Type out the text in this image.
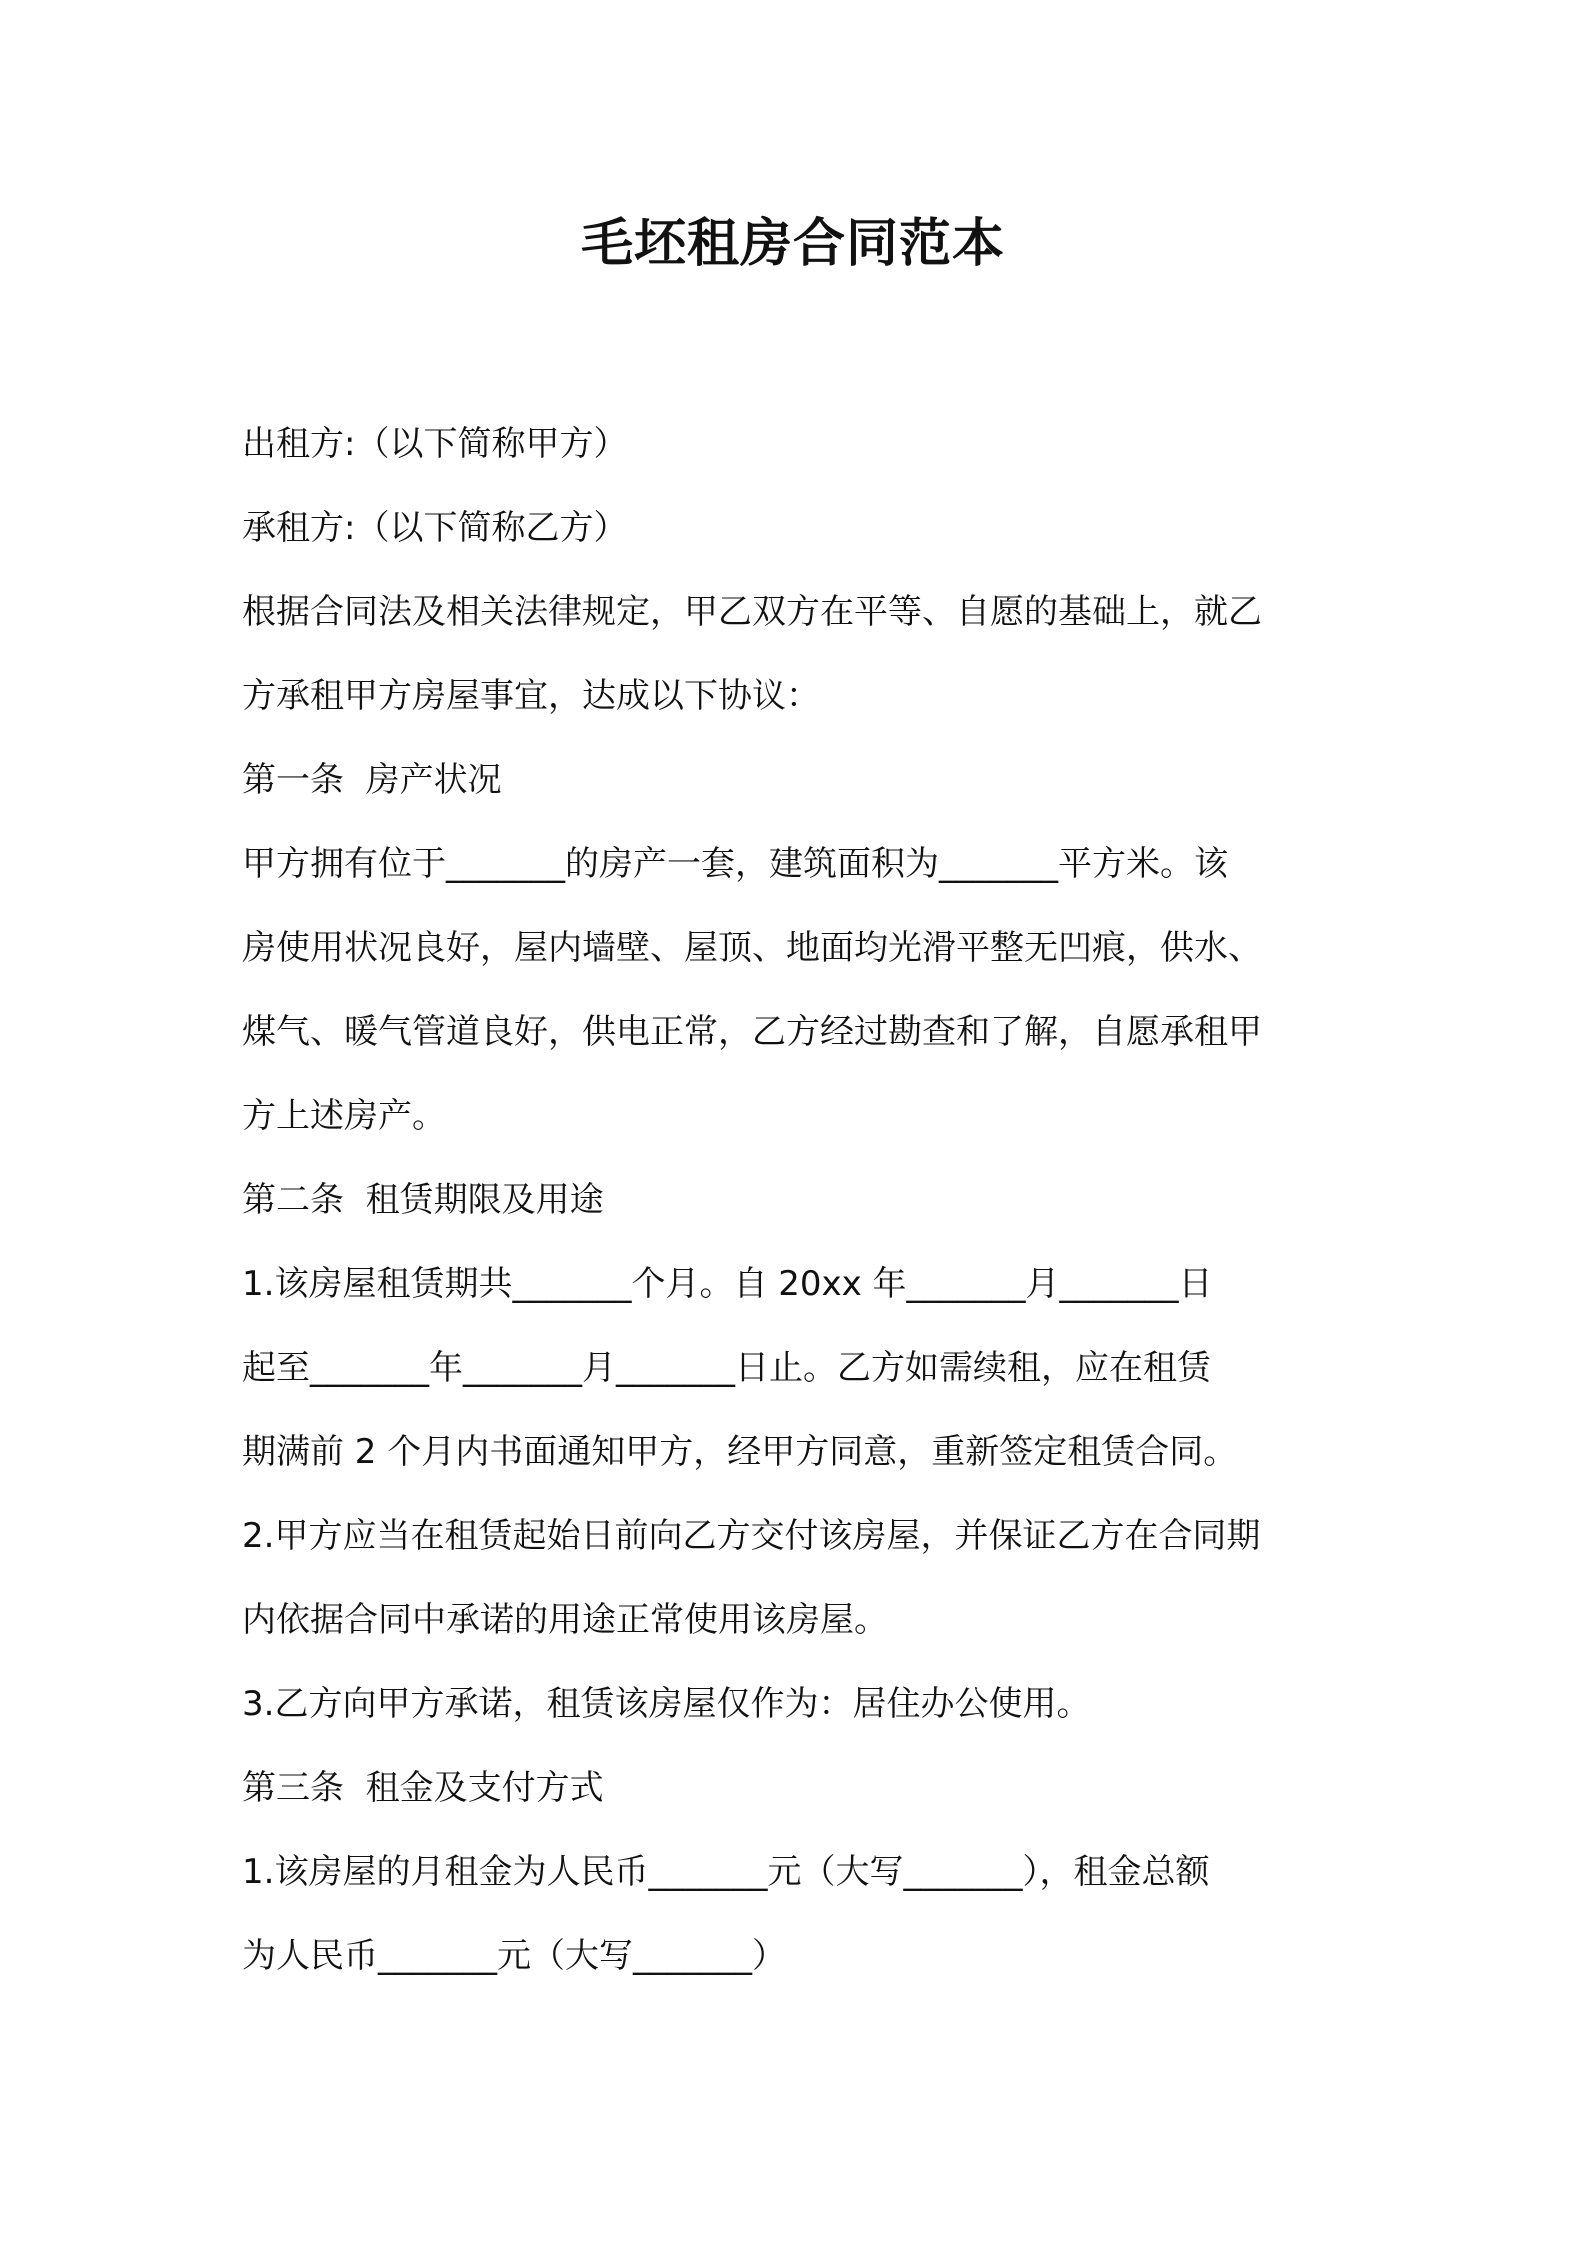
毛坯租房合同范本
出租方:（以下简称甲方）
承租方:（以下简称乙方）
根据合同法及相关法律规定，甲乙双方在平等、自愿的基础上，就乙
方承租甲方房屋事宜，达成以下协议：
第一条  房产状况
甲方拥有位于_______的房产一套，建筑面积为_______平方米。该
房使用状况良好，屋内墙壁、屋顶、地面均光滑平整无凹痕，供水、
煤气、暖气管道良好，供电正常，乙方经过勘查和了解，自愿承租甲
方上述房产。
第二条  租赁期限及用途
1.该房屋租赁期共_______个月。自 20xx 年_______月_______日
起至_______年_______月_______日止。乙方如需续租，应在租赁
期满前 2 个月内书面通知甲方，经甲方同意，重新签定租赁合同。
2.甲方应当在租赁起始日前向乙方交付该房屋，并保证乙方在合同期
内依据合同中承诺的用途正常使用该房屋。
3.乙方向甲方承诺，租赁该房屋仅作为：居住办公使用。
第三条  租金及支付方式
1.该房屋的月租金为人民币_______元（大写_______），租金总额
为人民币_______元（大写_______）
